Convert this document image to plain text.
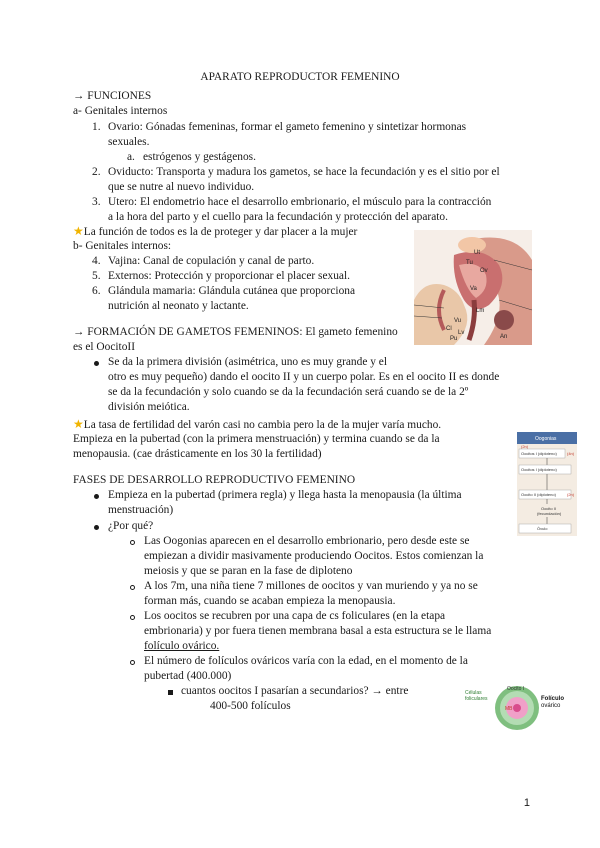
APARATO REPRODUCTOR FEMENINO
→ FUNCIONES
a- Genitales internos
1. Ovario: Gónadas femeninas, formar el gameto femenino y sintetizar hormonas
sexuales.
a. estrógenos y gestágenos.
2. Oviducto: Transporta y madura los gametos, se hace la fecundación y es el sitio por el
que se nutre al nuevo individuo.
3. Utero: El endometrio hace el desarrollo embrionario, el músculo para la contracción
a la hora del parto y el cuello para la fecundación y protección del aparato.
★La función de todos es la de proteger y dar placer a la mujer
b- Genitales internos:
4. Vajina: Canal de copulación y canal de parto.
5. Externos: Protección y proporcionar el placer sexual.
6. Glándula mamaria: Glándula cutánea que proporciona
nutrición al neonato y lactante.
Ut
Tu
Ov
Va
Lm
Vu
Cl
Pu
Lv
An
→ FORMACIÓN DE GAMETOS FEMENINOS: El gameto femenino
es el OocitoII
Se da la primera división (asimétrica, uno es muy grande y el
otro es muy pequeño) dando el oocito II y un cuerpo polar. Es en el oocito II es donde
se da la fecundación y solo cuando se da la fecundación será cuando se de la 2º
división meiótica.
★La tasa de fertilidad del varón casi no cambia pero la de la mujer varía mucho.
Empieza en la pubertad (con la primera menstruación) y termina cuando se da la
menopausia. (cae drásticamente en los 30 la fertilidad)
Oogonias
(2n)
Oocitos I (diploteno)	(4n)
Oocitos I (diploteno)
Oocito II (diploteno)	(2n)
Oocito II
(fecundación)
Óvulo
FASES DE DESARROLLO REPRODUCTIVO FEMENINO
Empieza en la pubertad (primera regla) y llega hasta la menopausia (la última
menstruación)
¿Por qué?
Las Oogonias aparecen en el desarrollo embrionario, pero desde este se
empiezan a dividir masivamente produciendo Oocitos. Estos comienzan la
meiosis y que se paran en la fase de diploteno
A los 7m, una niña tiene 7 millones de oocitos y van muriendo y ya no se
forman más, cuando se acaban empieza la menopausia.
Los oocitos se recubren por una capa de cs foliculares (en la etapa
embrionaria) y por fuera tienen membrana basal a esta estructura se le llama
folículo ovárico.
El número de folículos ováricos varía con la edad, en el momento de la
pubertad (400.000)
cuantos oocitos I pasarían a secundarios? → entre
400-500 folículos
Células
foliculares
Oocito I
MB
Folículo
ovárico
1
